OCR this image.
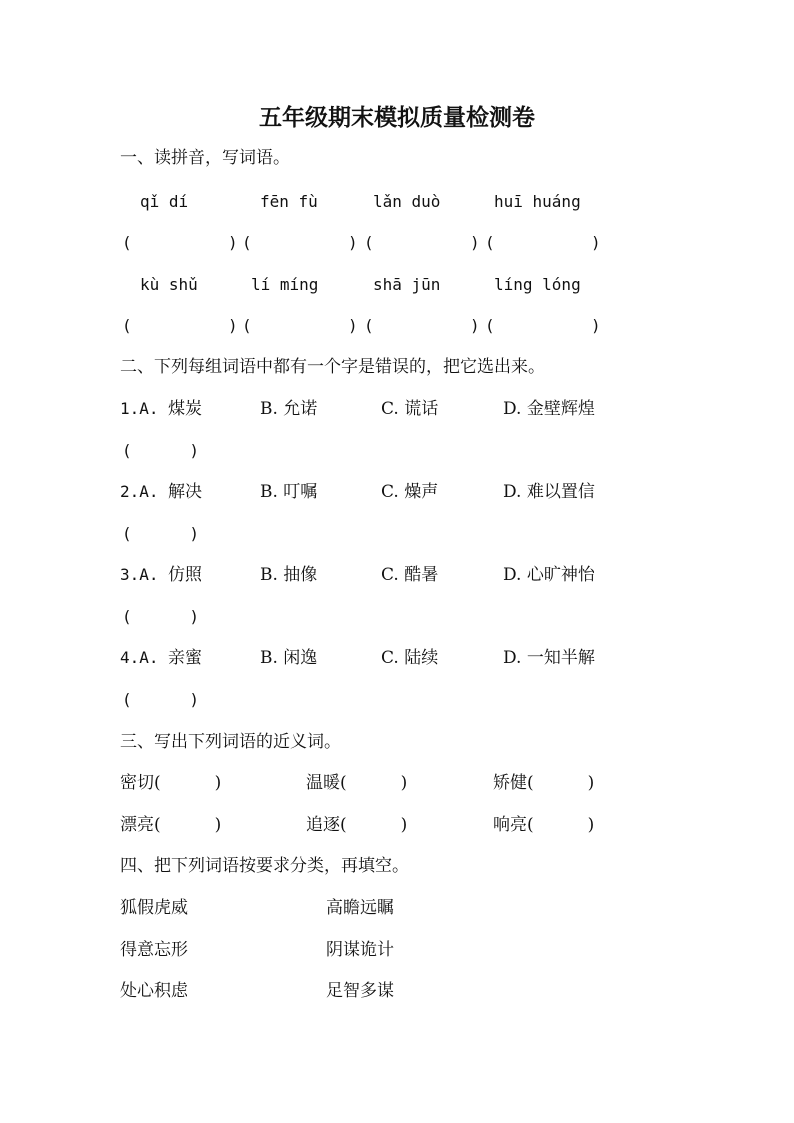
五年级期末模拟质量检测卷
一、读拼音，写词语。
qǐ dí	fēn fù	lǎn duò	huī huáng
(          ) (          ) (          ) (          )
kù shǔ	lí míng	shā jūn	líng lóng
(          ) (          ) (          ) (          )
二、下列每组词语中都有一个字是错误的，把它选出来。
1.A. 煤炭	B. 允诺	C. 谎话	D. 金壁辉煌
(      )
2.A. 解决	B. 叮嘱	C. 燥声	D. 难以置信
(      )
3.A. 仿照	B. 抽像	C. 酷暑	D. 心旷神怡
(      )
4.A. 亲蜜	B. 闲逸	C. 陆续	D. 一知半解
(      )
三、写出下列词语的近义词。
密切(          )	温暖(          )	矫健(          )
漂亮(          )	追逐(          )	响亮(          )
四、把下列词语按要求分类，再填空。
狐假虎威	高瞻远瞩
得意忘形	阴谋诡计
处心积虑	足智多谋
